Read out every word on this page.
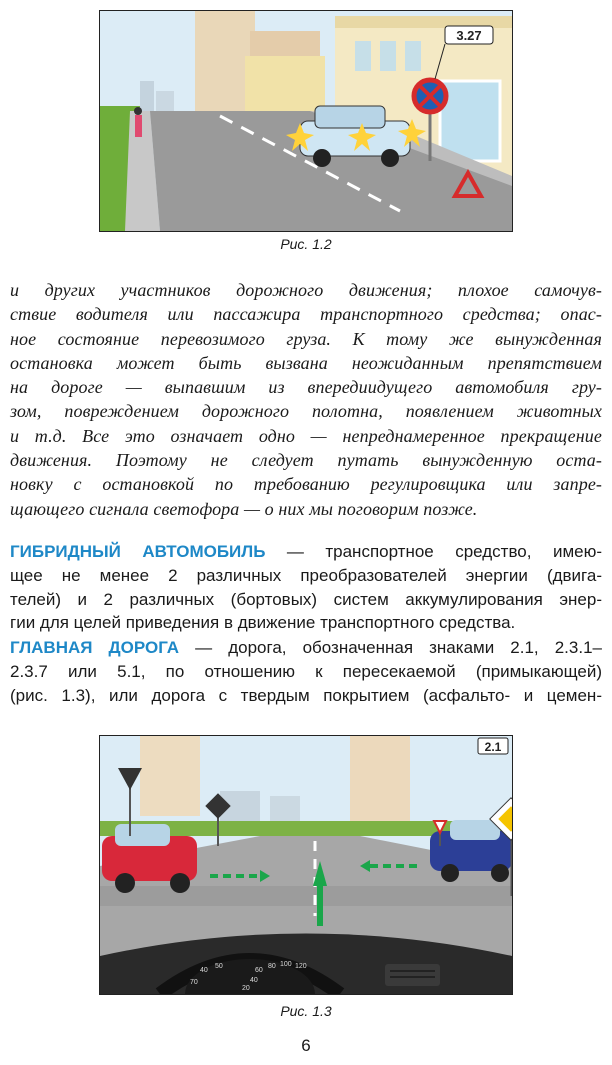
3.27
Рис. 1.2

и других участников дорожного движения; плохое самочув-
ствие водителя или пассажира транспортного средства; опас-
ное состояние перевозимого груза. К тому же вынужденная
остановка может быть вызвана неожиданным препятствием
на дороге — выпавшим из впередиидущего автомобиля гру-
зом, повреждением дорожного полотна, появлением животных
и т.д. Все это означает одно — непреднамеренное прекращение
движения. Поэтому не следует путать вынужденную оста-
новку с остановкой по требованию регулировщика или запре-
щающего сигнала светофора — о них мы поговорим позже.

ГИБРИДНЫЙ АВТОМОБИЛЬ — транспортное средство, имею-
щее не менее 2 различных преобразователей энергии (двига-
телей) и 2 различных (бортовых) систем аккумулирования энер-
гии для целей приведения в движение транспортного средства.

ГЛАВНАЯ ДОРОГА — дорога, обозначенная знаками 2.1, 2.3.1–
2.3.7 или 5.1, по отношению к пересекаемой (примыкающей)
(рис. 1.3), или дорога с твердым покрытием (асфальто- и цемен-

2.1
40
50
70
60
80 100 120
40
20
Рис. 1.3
6
